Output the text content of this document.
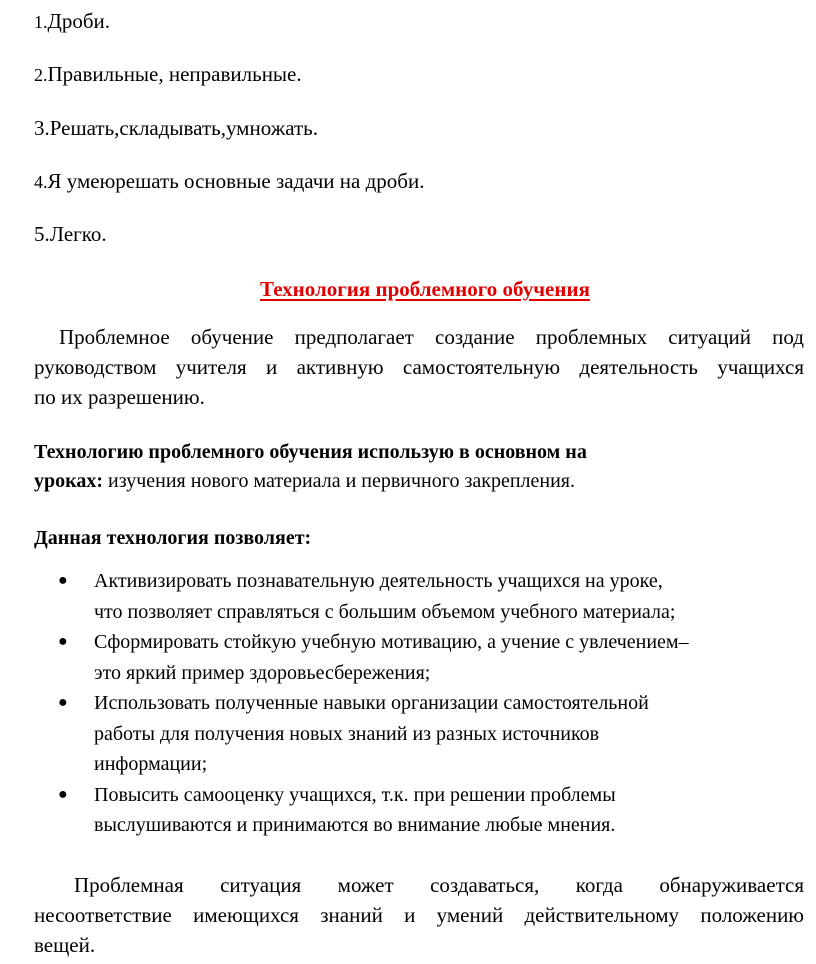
1.Дроби.
2.Правильные, неправильные.
3.Решать,складывать,умножать.
4.Я умеюрешать основные задачи на дроби.
5.Легко.
Технология проблемного обучения
Проблемное обучение предполагает создание проблемных ситуаций под
руководством учителя и активную самостоятельную деятельность учащихся
по их разрешению.
Технологию проблемного обучения использую в основном на
уроках: изучения нового материала и первичного закрепления.
Данная технология позволяет:
● Активизировать познавательную деятельность учащихся на уроке,
что позволяет справляться с большим объемом учебного материала;
● Сформировать стойкую учебную мотивацию, а учение с увлечением–
это яркий пример здоровьесбережения;
● Использовать полученные навыки организации самостоятельной
работы для получения новых знаний из разных источников
информации;
● Повысить самооценку учащихся, т.к. при решении проблемы
выслушиваются и принимаются во внимание любые мнения.
Проблемная ситуация может создаваться, когда обнаруживается
несоответствие имеющихся знаний и умений действительному положению
вещей.
